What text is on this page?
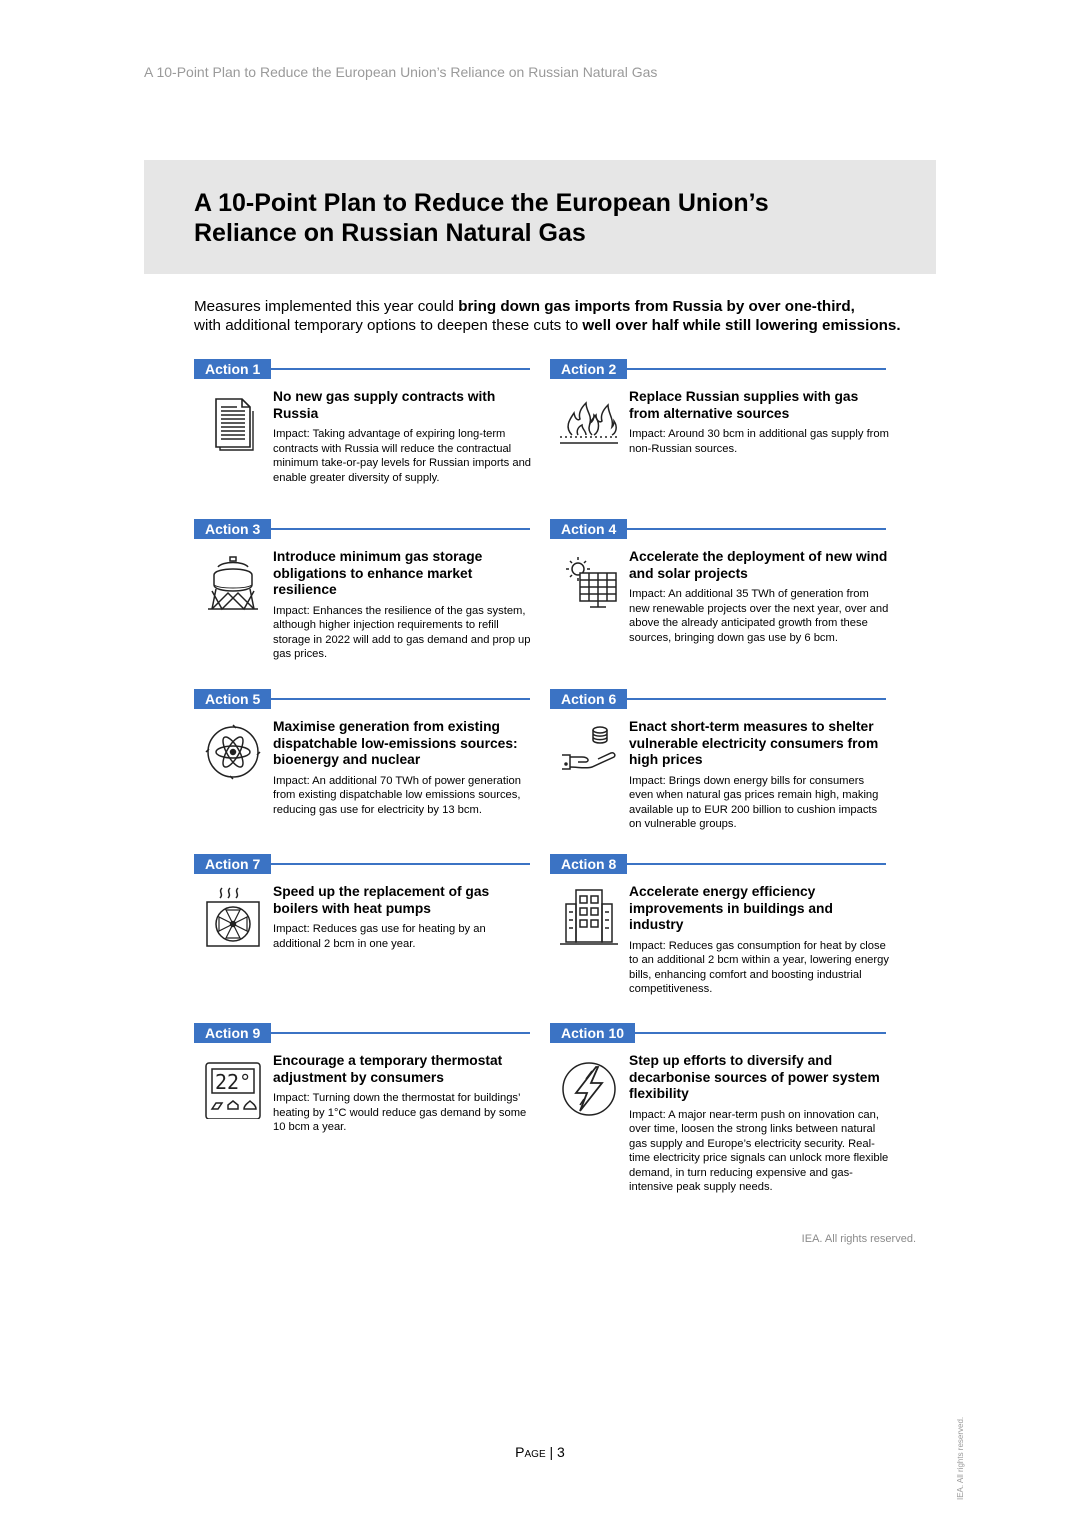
A 10-Point Plan to Reduce the European Union’s Reliance on Russian Natural Gas
A 10-Point Plan to Reduce the European Union’s
Reliance on Russian Natural Gas

Measures implemented this year could bring down gas imports from Russia by over one-third,

with additional temporary options to deepen these cuts to well over half while still lowering emissions.

Action 1

No new gas supply contracts with Russia

Impact: Taking advantage of expiring long-term contracts with Russia will reduce the contractual minimum take-or-pay levels for Russian imports and enable greater diversity of supply.

Action 2

Replace Russian supplies with gas from alternative sources

Impact: Around 30 bcm in additional gas supply from non-Russian sources.

Action 3

Introduce minimum gas storage obligations to enhance market resilience

Impact: Enhances the resilience of the gas system, although higher injection requirements to refill storage in 2022 will add to gas demand and prop up gas prices.

Action 4

Accelerate the deployment of new wind and solar projects

Impact: An additional 35 TWh of generation from new renewable projects over the next year, over and above the already anticipated growth from these sources, bringing down gas use by 6 bcm.

Action 5

Maximise generation from existing dispatchable low-emissions sources: bioenergy and nuclear

Impact: An additional 70 TWh of power generation from existing dispatchable low emissions sources, reducing gas use for electricity by 13 bcm.

Action 6

Enact short-term measures to shelter vulnerable electricity consumers from high prices

Impact: Brings down energy bills for consumers even when natural gas prices remain high, making available up to EUR 200 billion to cushion impacts on vulnerable groups.

Action 7

Speed up the replacement of gas boilers with heat pumps

Impact: Reduces gas use for heating by an additional 2 bcm in one year.

Action 8

Accelerate energy efficiency improvements in buildings and industry

Impact: Reduces gas consumption for heat by close to an additional 2 bcm within a year, lowering energy bills, enhancing comfort and boosting industrial competitiveness.

Action 9
22°

Encourage a temporary thermostat adjustment by consumers

Impact: Turning down the thermostat for buildings’ heating by 1°C would reduce gas demand by some 10 bcm a year.

Action 10

Step up efforts to diversify and decarbonise sources of power system flexibility

Impact: A major near-term push on innovation can, over time, loosen the strong links between natural gas supply and Europe’s electricity security. Real-time electricity price signals can unlock more flexible demand, in turn reducing expensive and gas-intensive peak supply needs.

IEA. All rights reserved.
Page | 3	IEA. All rights reserved.
